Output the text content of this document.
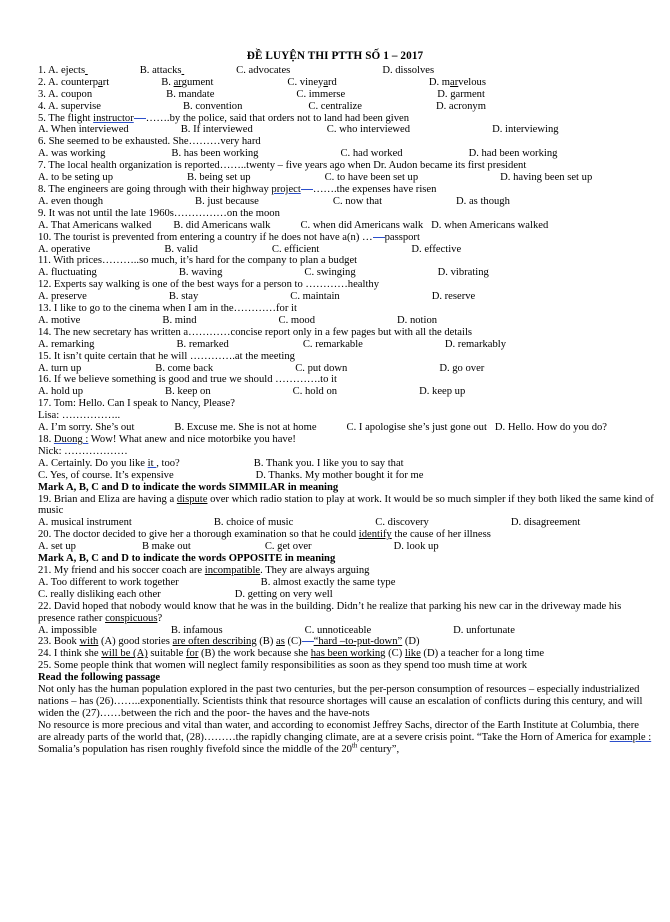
ĐỀ LUYỆN THI PTTH SỐ 1 – 2017
1. A. ejects	B. attacks	C. advocates	D. dissolves
2. A. counterpart	B. argument	C. vineyard	D. marvelous
3. A. coupon	B. mandate	C. immerse	D. garment
4. A. supervise	B. convention	C. centralize	D. acronym
5. The flight instructor …….by the police, said that orders not to land had been given
A. When interviewed	B. If interviewed	C. who interviewed	D. interviewing
6. She seemed to be exhausted. She………very hard
A. was working	B. has been working	C. had worked	D. had been working
7. The local health organization is reported……..twenty – five years ago when Dr. Audon became its first president
A. to be seting up	B. being set up	C. to have been set up	D. having been set up
8. The engineers are going through with their highway project …….the expenses have risen
A. even though	B. just because	C. now that	D. as though
9. It was not until the late 1960s……………on the moon
A. That Americans walked B. did Americans walk	C. when did Americans walk D. when Americans walked
10. The tourist is prevented from entering a country if he does not have a(n) … passport
A. operative	B. valid	C. efficient	D. effective
11. With prices………..so much, it’s hard for the company to plan a budget
A. fluctuating	B. waving	C. swinging	D. vibrating
12. Experts say walking is one of the best ways for a person to …………healthy
A. preserve	B. stay	C. maintain	D. reserve
13. I like to go to the cinema when I am in the…………for it
A. motive	B. mind	C. mood	D. notion
14. The new secretary has written a…………concise report only in a few pages but with all the details
A. remarking	B. remarked	C. remarkable	D. remarkably
15. It isn’t quite certain that he will ………….at the meeting
A. turn up	B. come back	C. put down	D. go over
16. If we believe something is good and true we should ………….to it
A. hold up	B. keep on	C. hold on	D. keep up
17. Tom: Hello. Can I speak to Nancy, Please?
Lisa: ……………..
A. I’m sorry. She’s out	B. Excuse me. She is not at home	C. I apologise she’s just gone out D. Hello. How do you do?
18. Duong : Wow! What anew and nice motorbike you have!
Nick: ………………
A. Certainly. Do you like it , too?	B. Thank you. I like you to say that
C. Yes, of course. It’s expensive	D. Thanks. My mother bought it for me
Mark A, B, C and D to indicate the words SIMMILAR in meaning
19. Brian and Eliza are having a dispute over which radio station to play at work. It would be so much simpler if they both liked the same kind of music
A. musical instrument	B. choice of music	C. discovery	D. disagreement
20. The doctor decided to give her a thorough examination so that he could identify the cause of her illness
A. set up	B make out	C. get over	D. look up
Mark A, B, C and D to indicate the words OPPOSITE in meaning
21. My friend and his soccer coach are incompatible. They are always arguing
A. Too different to work together	B. almost exactly the same type
C. really disliking each other	D. getting on very well
22. David hoped that nobody would know that he was in the building. Didn’t he realize that parking his new car in the driveway made his presence rather conspicuous?
A. impossible	B. infamous	C. unnoticeable	D. unfortunate
23. Book with (A) good stories are often describing (B) as (C) “hard –to-put-down” (D)
24. I think she will be (A) suitable for (B) the work because she has been working (C) like (D) a teacher for a long time
25. Some people think that women will neglect family responsibilities as soon as they spend too mush time at work
Read the following passage
Not only has the human population explored in the past two centuries, but the per-person consumption of resources – especially industrialized nations – has (26)……..exponentially. Scientists think that resource shortages will cause an escalation of conflicts during this century, and will widen the (27)……between the rich and the poor- the haves and the have-nots
No resource is more precious and vital than water, and according to economist Jeffrey Sachs, director of the Earth Institute at Columbia, there are already parts of the world that, (28)………the rapidly changing climate, are at a severe crisis point. “Take the Horn of America for example : Somalia’s population has risen roughly fivefold since the middle of the 20th century”,
